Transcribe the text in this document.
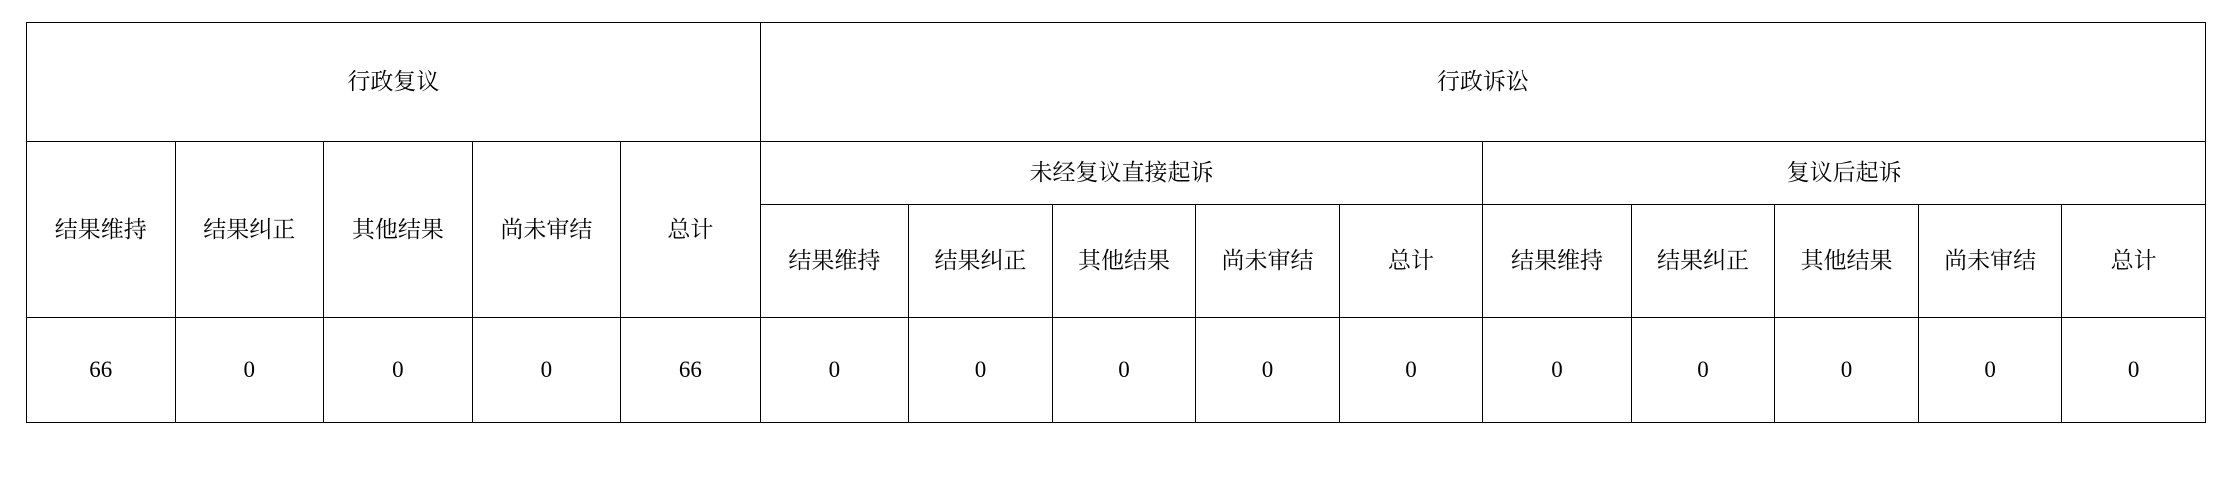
行政复议					行政诉讼									

结果维持	结果纠正	其他结果	尚未审结	总计	未经复议直接起诉					复议后起诉				

					结果维持	结果纠正	其他结果	尚未审结	总计	结果维持	结果纠正	其他结果	尚未审结	总计

66	0	0	0	66	0	0	0	0	0	0	0	0	0	0
